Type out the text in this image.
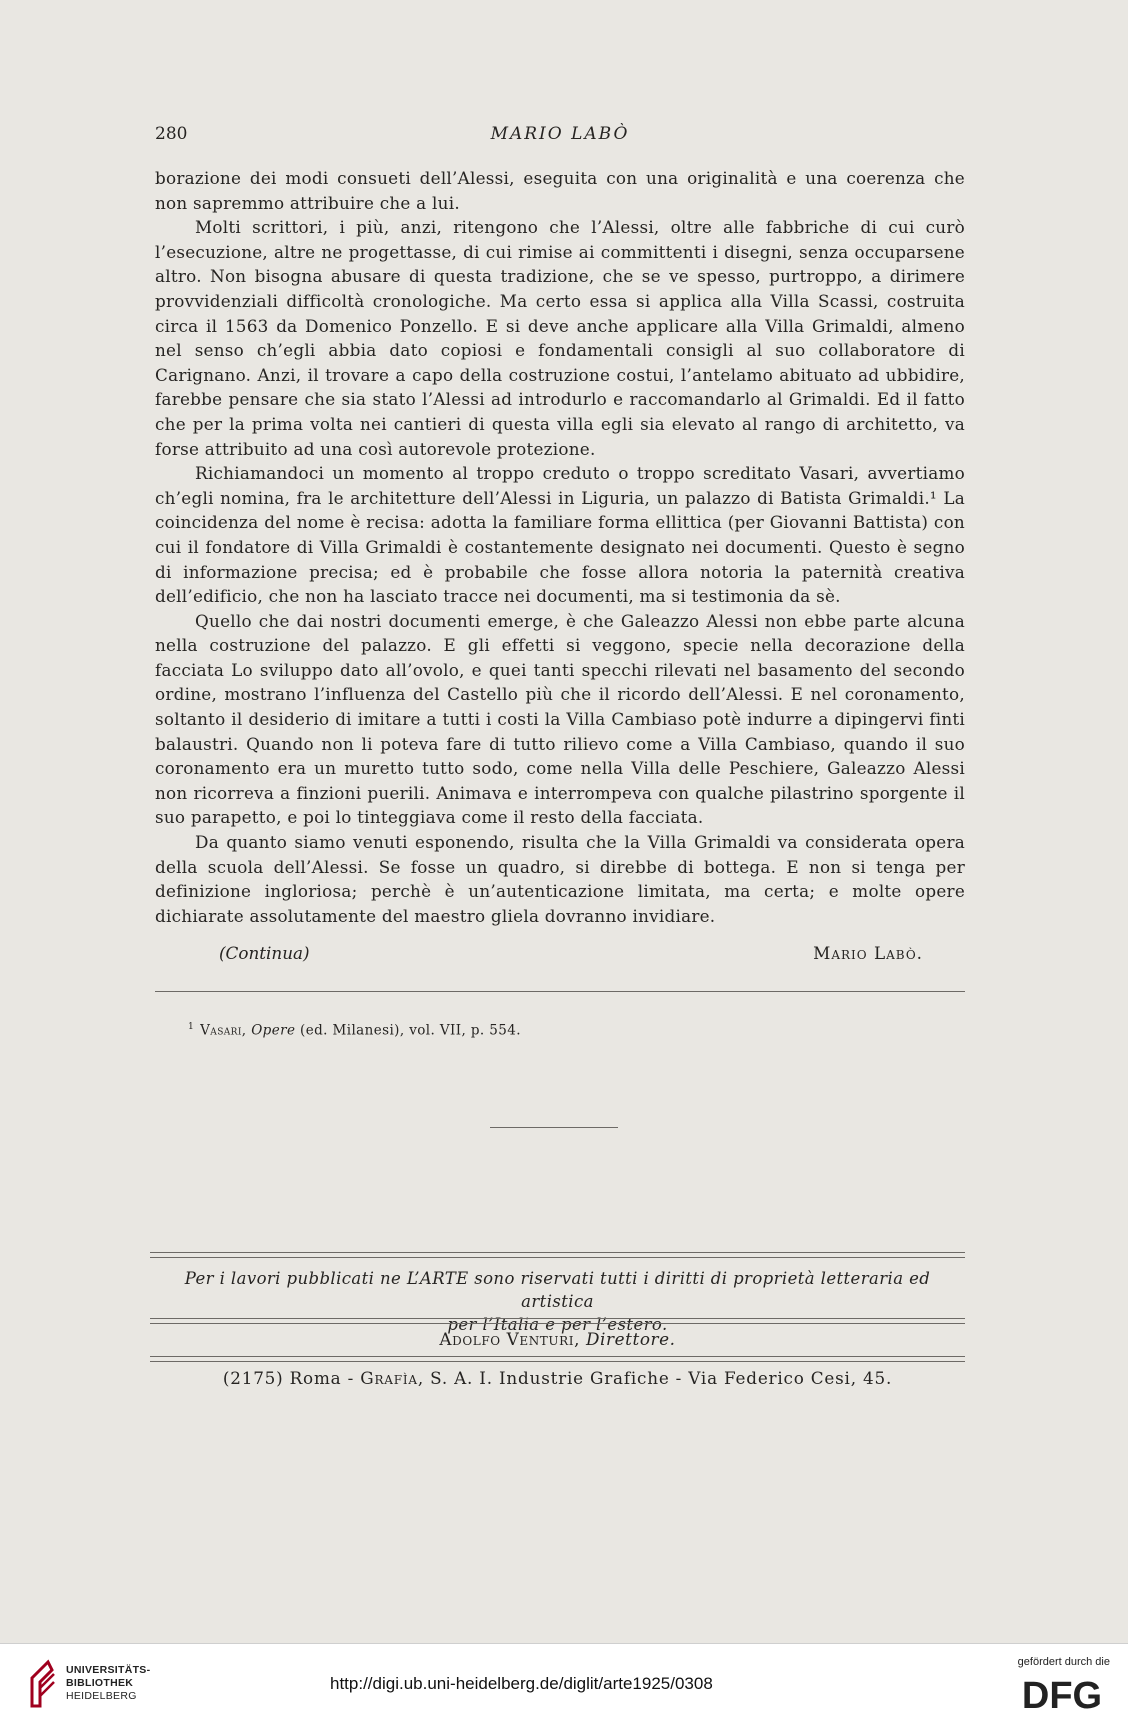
280	MARIO LABÒ

borazione dei modi consueti dell’Alessi, eseguita con una originalità e una coerenza che non sapremmo attribuire che a lui.

Molti scrittori, i più, anzi, ritengono che l’Alessi, oltre alle fabbriche di cui curò l’esecuzione, altre ne progettasse, di cui rimise ai committenti i disegni, senza occuparsene altro. Non bisogna abusare di questa tradizione, che se ve spesso, purtroppo, a dirimere provvidenziali difficoltà cronologiche. Ma certo essa si applica alla Villa Scassi, costruita circa il 1563 da Domenico Ponzello. E si deve anche applicare alla Villa Grimaldi, almeno nel senso ch’egli abbia dato copiosi e fondamentali consigli al suo collaboratore di Carignano. Anzi, il trovare a capo della costruzione costui, l’antelamo abituato ad ubbidire, farebbe pensare che sia stato l’Alessi ad introdurlo e raccomandarlo al Grimaldi. Ed il fatto che per la prima volta nei cantieri di questa villa egli sia elevato al rango di architetto, va forse attribuito ad una così autorevole protezione.

Richiamandoci un momento al troppo creduto o troppo screditato Vasari, avvertiamo ch’egli nomina, fra le architetture dell’Alessi in Liguria, un palazzo di Batista Grimaldi.¹ La coincidenza del nome è recisa: adotta la familiare forma ellittica (per Giovanni Battista) con cui il fondatore di Villa Grimaldi è costantemente designato nei documenti. Questo è segno di informazione precisa; ed è probabile che fosse allora notoria la paternità creativa dell’edificio, che non ha lasciato tracce nei documenti, ma si testimonia da sè.

Quello che dai nostri documenti emerge, è che Galeazzo Alessi non ebbe parte alcuna nella costruzione del palazzo. E gli effetti si veggono, specie nella decorazione della facciata Lo sviluppo dato all’ovolo, e quei tanti specchi rilevati nel basamento del secondo ordine, mostrano l’influenza del Castello più che il ricordo dell’Alessi. E nel coronamento, soltanto il desiderio di imitare a tutti i costi la Villa Cambiaso potè indurre a dipingervi finti balaustri. Quando non li poteva fare di tutto rilievo come a Villa Cambiaso, quando il suo coronamento era un muretto tutto sodo, come nella Villa delle Peschiere, Galeazzo Alessi non ricorreva a finzioni puerili. Animava e interrompeva con qualche pilastrino sporgente il suo parapetto, e poi lo tinteggiava come il resto della facciata.

Da quanto siamo venuti esponendo, risulta che la Villa Grimaldi va considerata opera della scuola dell’Alessi. Se fosse un quadro, si direbbe di bottega. E non si tenga per definizione ingloriosa; perchè è un’autenticazione limitata, ma certa; e molte opere dichiarate assolutamente del maestro gliela dovranno invidiare.

(Continua)	Mario Labò.
$^1$ Vasari, Opere (ed. Milanesi), vol. VII, p. 554.
Per i lavori pubblicati ne L’ARTE sono riservati tutti i diritti di proprietà letteraria ed artistica
per l’Italia e per l’estero.
Adolfo Venturi, Direttore.
(2175) Roma - Grafìa, S. A. I. Industrie Grafiche - Via Federico Cesi, 45.
UNIVERSITÄTS-
BIBLIOTHEK
HEIDELBERG
http://digi.ub.uni-heidelberg.de/diglit/arte1925/0308
gefördert durch die
DFG
